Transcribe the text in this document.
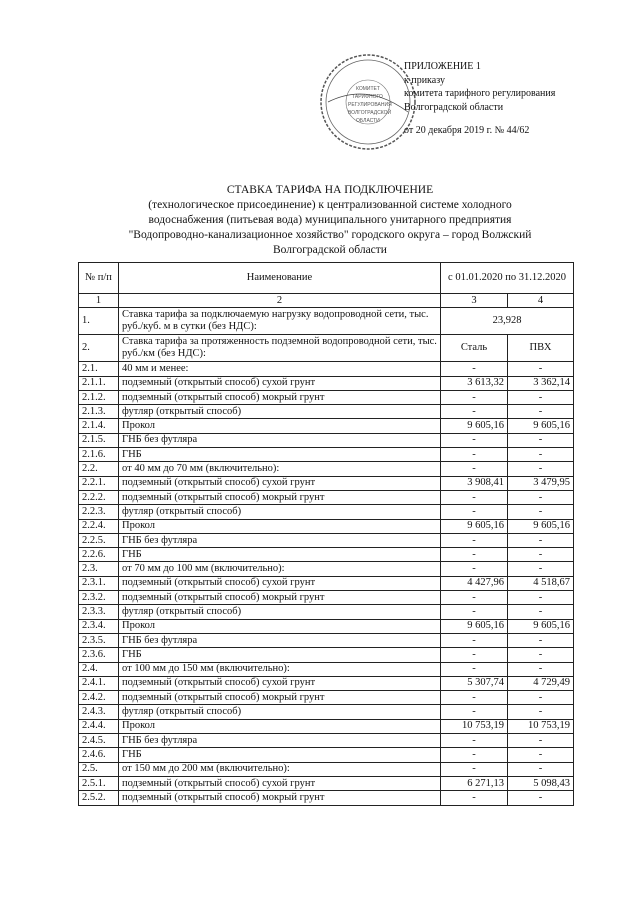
КОМИТЕТ
ТАРИФНОГО
РЕГУЛИРОВАНИЯ
ВОЛГОГРАДСКОЙ
ОБЛАСТИ
ПРИЛОЖЕНИЕ 1
к приказу
комитета тарифного регулирования
Волгоградской области
от 20 декабря 2019 г. № 44/62
СТАВКА ТАРИФА НА ПОДКЛЮЧЕНИЕ
(технологическое присоединение) к централизованной системе холодного
водоснабжения (питьевая вода) муниципального унитарного предприятия
"Водопроводно-канализационное хозяйство" городского округа – город Волжский
Волгоградской области
№ п/п	Наименование	с 01.01.2020 по 31.12.2020	
1	2	3	4
1.	Ставка тарифа за подключаемую нагрузку водопроводной сети, тыс. руб./куб. м в сутки (без НДС):	23,928	
2.	Ставка тарифа за протяженность подземной водопроводной сети, тыс. руб./км (без НДС):	Сталь	ПВХ
2.1.	40 мм и менее:	-	-
2.1.1.	подземный (открытый способ) сухой грунт	3 613,32	3 362,14
2.1.2.	подземный (открытый способ) мокрый грунт	-	-
2.1.3.	футляр (открытый способ)	-	-
2.1.4.	Прокол	9 605,16	9 605,16
2.1.5.	ГНБ без футляра	-	-
2.1.6.	ГНБ	-	-
2.2.	от 40 мм до 70 мм (включительно):	-	-
2.2.1.	подземный (открытый способ) сухой грунт	3 908,41	3 479,95
2.2.2.	подземный (открытый способ) мокрый грунт	-	-
2.2.3.	футляр (открытый способ)	-	-
2.2.4.	Прокол	9 605,16	9 605,16
2.2.5.	ГНБ без футляра	-	-
2.2.6.	ГНБ	-	-
2.3.	от 70 мм до 100 мм (включительно):	-	-
2.3.1.	подземный (открытый способ) сухой грунт	4 427,96	4 518,67
2.3.2.	подземный (открытый способ) мокрый грунт	-	-
2.3.3.	футляр (открытый способ)	-	-
2.3.4.	Прокол	9 605,16	9 605,16
2.3.5.	ГНБ без футляра	-	-
2.3.6.	ГНБ	-	-
2.4.	от 100 мм до 150 мм (включительно):	-	-
2.4.1.	подземный (открытый способ) сухой грунт	5 307,74	4 729,49
2.4.2.	подземный (открытый способ) мокрый грунт	-	-
2.4.3.	футляр (открытый способ)	-	-
2.4.4.	Прокол	10 753,19	10 753,19
2.4.5.	ГНБ без футляра	-	-
2.4.6.	ГНБ	-	-
2.5.	от 150 мм до 200 мм (включительно):	-	-
2.5.1.	подземный (открытый способ) сухой грунт	6 271,13	5 098,43
2.5.2.	подземный (открытый способ) мокрый грунт	-	-
